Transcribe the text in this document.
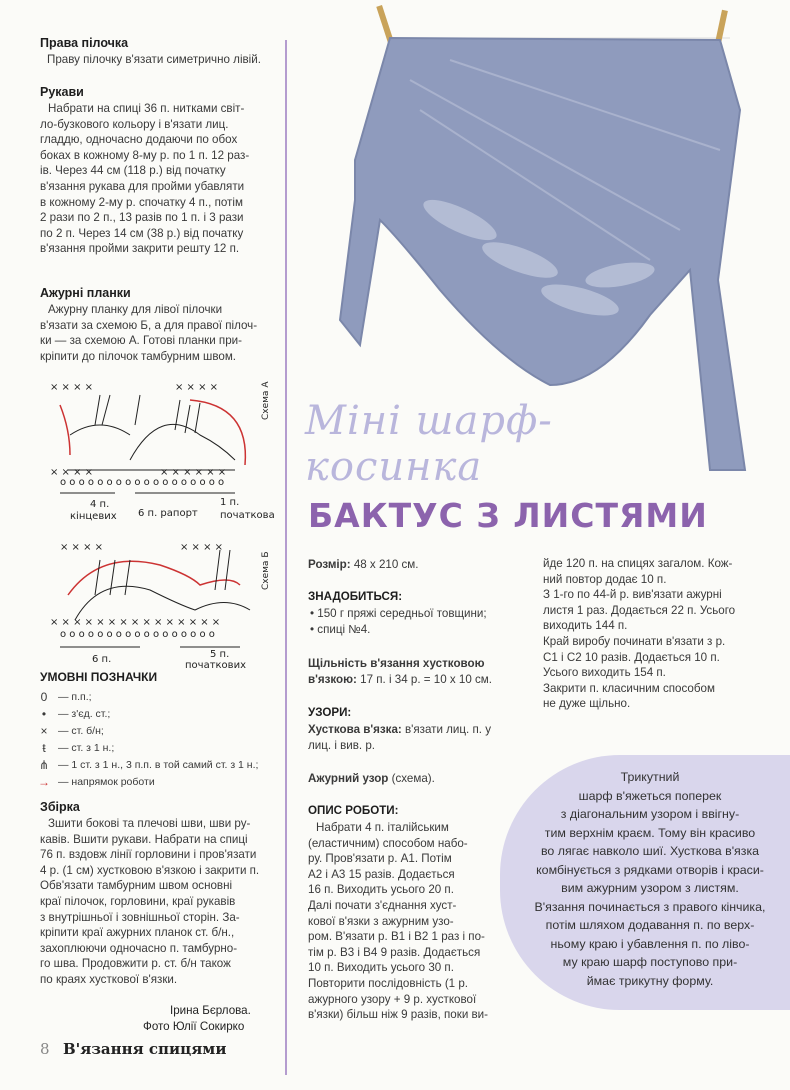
Права пілочка
Праву пілочку в'язати симетрично лівій.
Рукави
Набрати на спиці 36 п. нитками світ-
ло-бузкового кольору і в'язати лиц.
гладдю, одночасно додаючи по обох
боках в кожному 8-му р. по 1 п. 12 раз-
ів. Через 44 см (118 р.) від початку
в'язання рукава для пройми убавляти
в кожному 2-му р. спочатку 4 п., потім
2 рази по 2 п., 13 разів по 1 п. і 3 рази
по 2 п. Через 14 см (38 р.) від початку
в'язання пройми закрити решту 12 п.
Ажурні планки
Ажурну планку для лівої пілочки
в'язати за схемою Б, а для правої пілоч-
ки — за схемою А. Готові планки при-
кріпити до пілочок тамбурним швом.
× × × ×	× × × ×
× × × ×	× × × × × ×
o o o o o o o o o o o o o o o o o o
Схема А
4 п.
кінцевих 6 п. рапорт
1 п.
початкова
× × × ×	× × × ×
× × × × × × × × × × × × × × ×
o o o o o o o o o o o o o o o o o
Схема Б
6 п.	5 п.
початкових
УМОВНІ ПОЗНАЧКИ
0	— п.п.;
•	— з'єд. ст.;
×	— ст. б/н;
ŧ	— ст. з 1 н.;
⋔ — 1 ст. з 1 н., 3 п.п. в той самий ст. з 1 н.;
→ — напрямок роботи
Збірка
Зшити бокові та плечові шви, шви ру-
кавів. Вшити рукави. Набрати на спиці
76 п. вздовж лінії горловини і пров'язати
4 р. (1 см) хустковою в'язкою і закрити п.
Обв'язати тамбурним швом основні
краї пілочок, горловини, краї рукавів
з внутрішньої і зовнішньої сторін. За-
кріпити краї ажурних планок ст. б/н.,
захоплюючи одночасно п. тамбурно-
го шва. Продовжити р. ст. б/н також
по краях хусткової в'язки.
Ірина Бєрлова.
Фото Юлії Сокирко
Міні шарф-косинка
БАКТУС З ЛИСТЯМИ
Розмір: 48 х 210 см.
ЗНАДОБИТЬСЯ:
• 150 г пряжі середньої товщини;
• спиці №4.
Щільність в'язання хустковою
в'язкою: 17 п. і 34 р. = 10 х 10 см.
УЗОРИ:
Хусткова в'язка: в'язати лиц. п. у
лиц. і вив. р.
Ажурний узор (схема).
ОПИС РОБОТИ:
Набрати 4 п. італійським
(еластичним) способом набо-
ру. Пров'язати р. А1. Потім
А2 і А3 15 разів. Додається
16 п. Виходить усього 20 п.
Далі почати з'єднання хуст-
кової в'язки з ажурним узо-
ром. В'язати р. В1 і В2 1 раз і по-
тім р. В3 і В4 9 разів. Додається
10 п. Виходить усього 30 п.
Повторити послідовність (1 р.
ажурного узору + 9 р. хусткової
в'язки) більш ніж 9 разів, поки ви-
йде 120 п. на спицях загалом. Кож-
ний повтор додає 10 п.
З 1-го по 44-й р. вив'язати ажурні
листя 1 раз. Додається 22 п. Усього
виходить 144 п.
Край виробу починати в'язати з р.
С1 і С2 10 разів. Додається 10 п.
Усього виходить 154 п.
Закрити п. класичним способом
не дуже щільно.
Трикутний
шарф в'яжеться поперек
з діагональним узором і ввігну-
тим верхнім краєм. Тому він красиво
во лягає навколо шиї. Хусткова в'язка
комбінується з рядками отворів і краси-
вим ажурним узором з листям.
В'язання починається з правого кінчика,
потім шляхом додавання п. по верх-
ньому краю і убавлення п. по ліво-
му краю шарф поступово при-
ймає трикутну форму.
8 В'язання спицями
